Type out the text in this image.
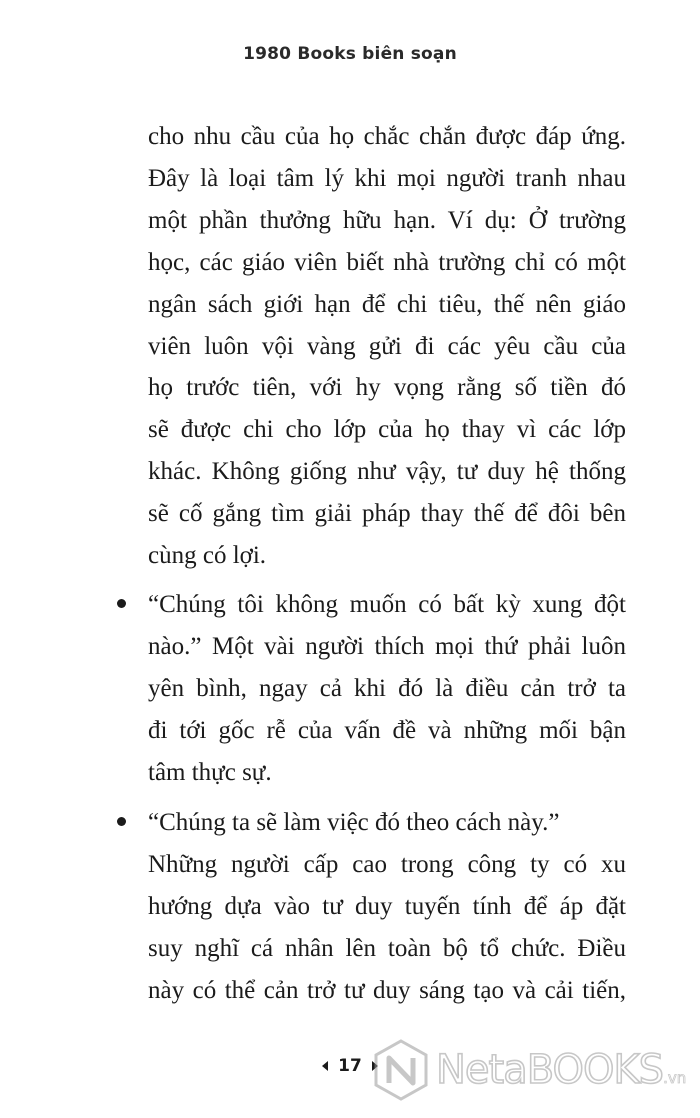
1980 Books biên soạn
cho nhu cầu của họ chắc chắn được đáp ứng.
Đây là loại tâm lý khi mọi người tranh nhau
một phần thưởng hữu hạn. Ví dụ: Ở trường
học, các giáo viên biết nhà trường chỉ có một
ngân sách giới hạn để chi tiêu, thế nên giáo
viên luôn vội vàng gửi đi các yêu cầu của
họ trước tiên, với hy vọng rằng số tiền đó
sẽ được chi cho lớp của họ thay vì các lớp
khác. Không giống như vậy, tư duy hệ thống
sẽ cố gắng tìm giải pháp thay thế để đôi bên
cùng có lợi.
“Chúng tôi không muốn có bất kỳ xung đột
nào.” Một vài người thích mọi thứ phải luôn
yên bình, ngay cả khi đó là điều cản trở ta
đi tới gốc rễ của vấn đề và những mối bận
tâm thực sự.
“Chúng ta sẽ làm việc đó theo cách này.”
Những người cấp cao trong công ty có xu
hướng dựa vào tư duy tuyến tính để áp đặt
suy nghĩ cá nhân lên toàn bộ tổ chức. Điều
này có thể cản trở tư duy sáng tạo và cải tiến,
17 NetaBOOKS.vn
